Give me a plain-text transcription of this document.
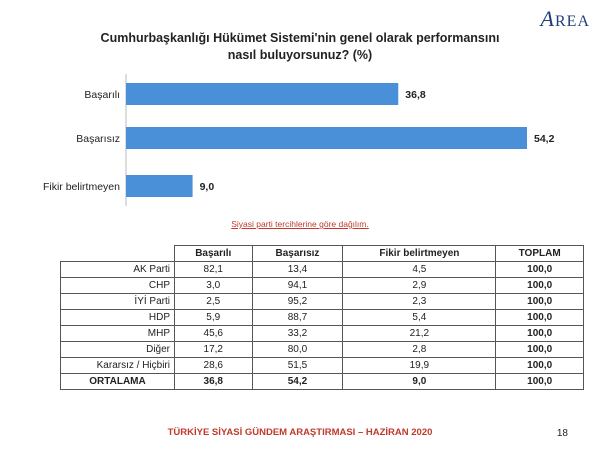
AREA
Cumhurbaşkanlığı Hükümet Sistemi'nin genel olarak performansını
nasıl buluyorsunuz? (%)
Başarılı	36,8
Başarısız	54,2
Fikir belirtmeyen	9,0
Siyasi parti tercihlerine göre dağılım.
	Başarılı	Başarısız	Fikir belirtmeyen	TOPLAM
AK Parti	82,1	13,4	4,5	100,0
CHP	3,0	94,1	2,9	100,0
İYİ Parti	2,5	95,2	2,3	100,0
HDP	5,9	88,7	5,4	100,0
MHP	45,6	33,2	21,2	100,0
Diğer	17,2	80,0	2,8	100,0
Kararsız / Hiçbiri	28,6	51,5	19,9	100,0
ORTALAMA	36,8	54,2	9,0	100,0
TÜRKİYE SİYASİ GÜNDEM ARAŞTIRMASI – HAZİRAN 2020	18
